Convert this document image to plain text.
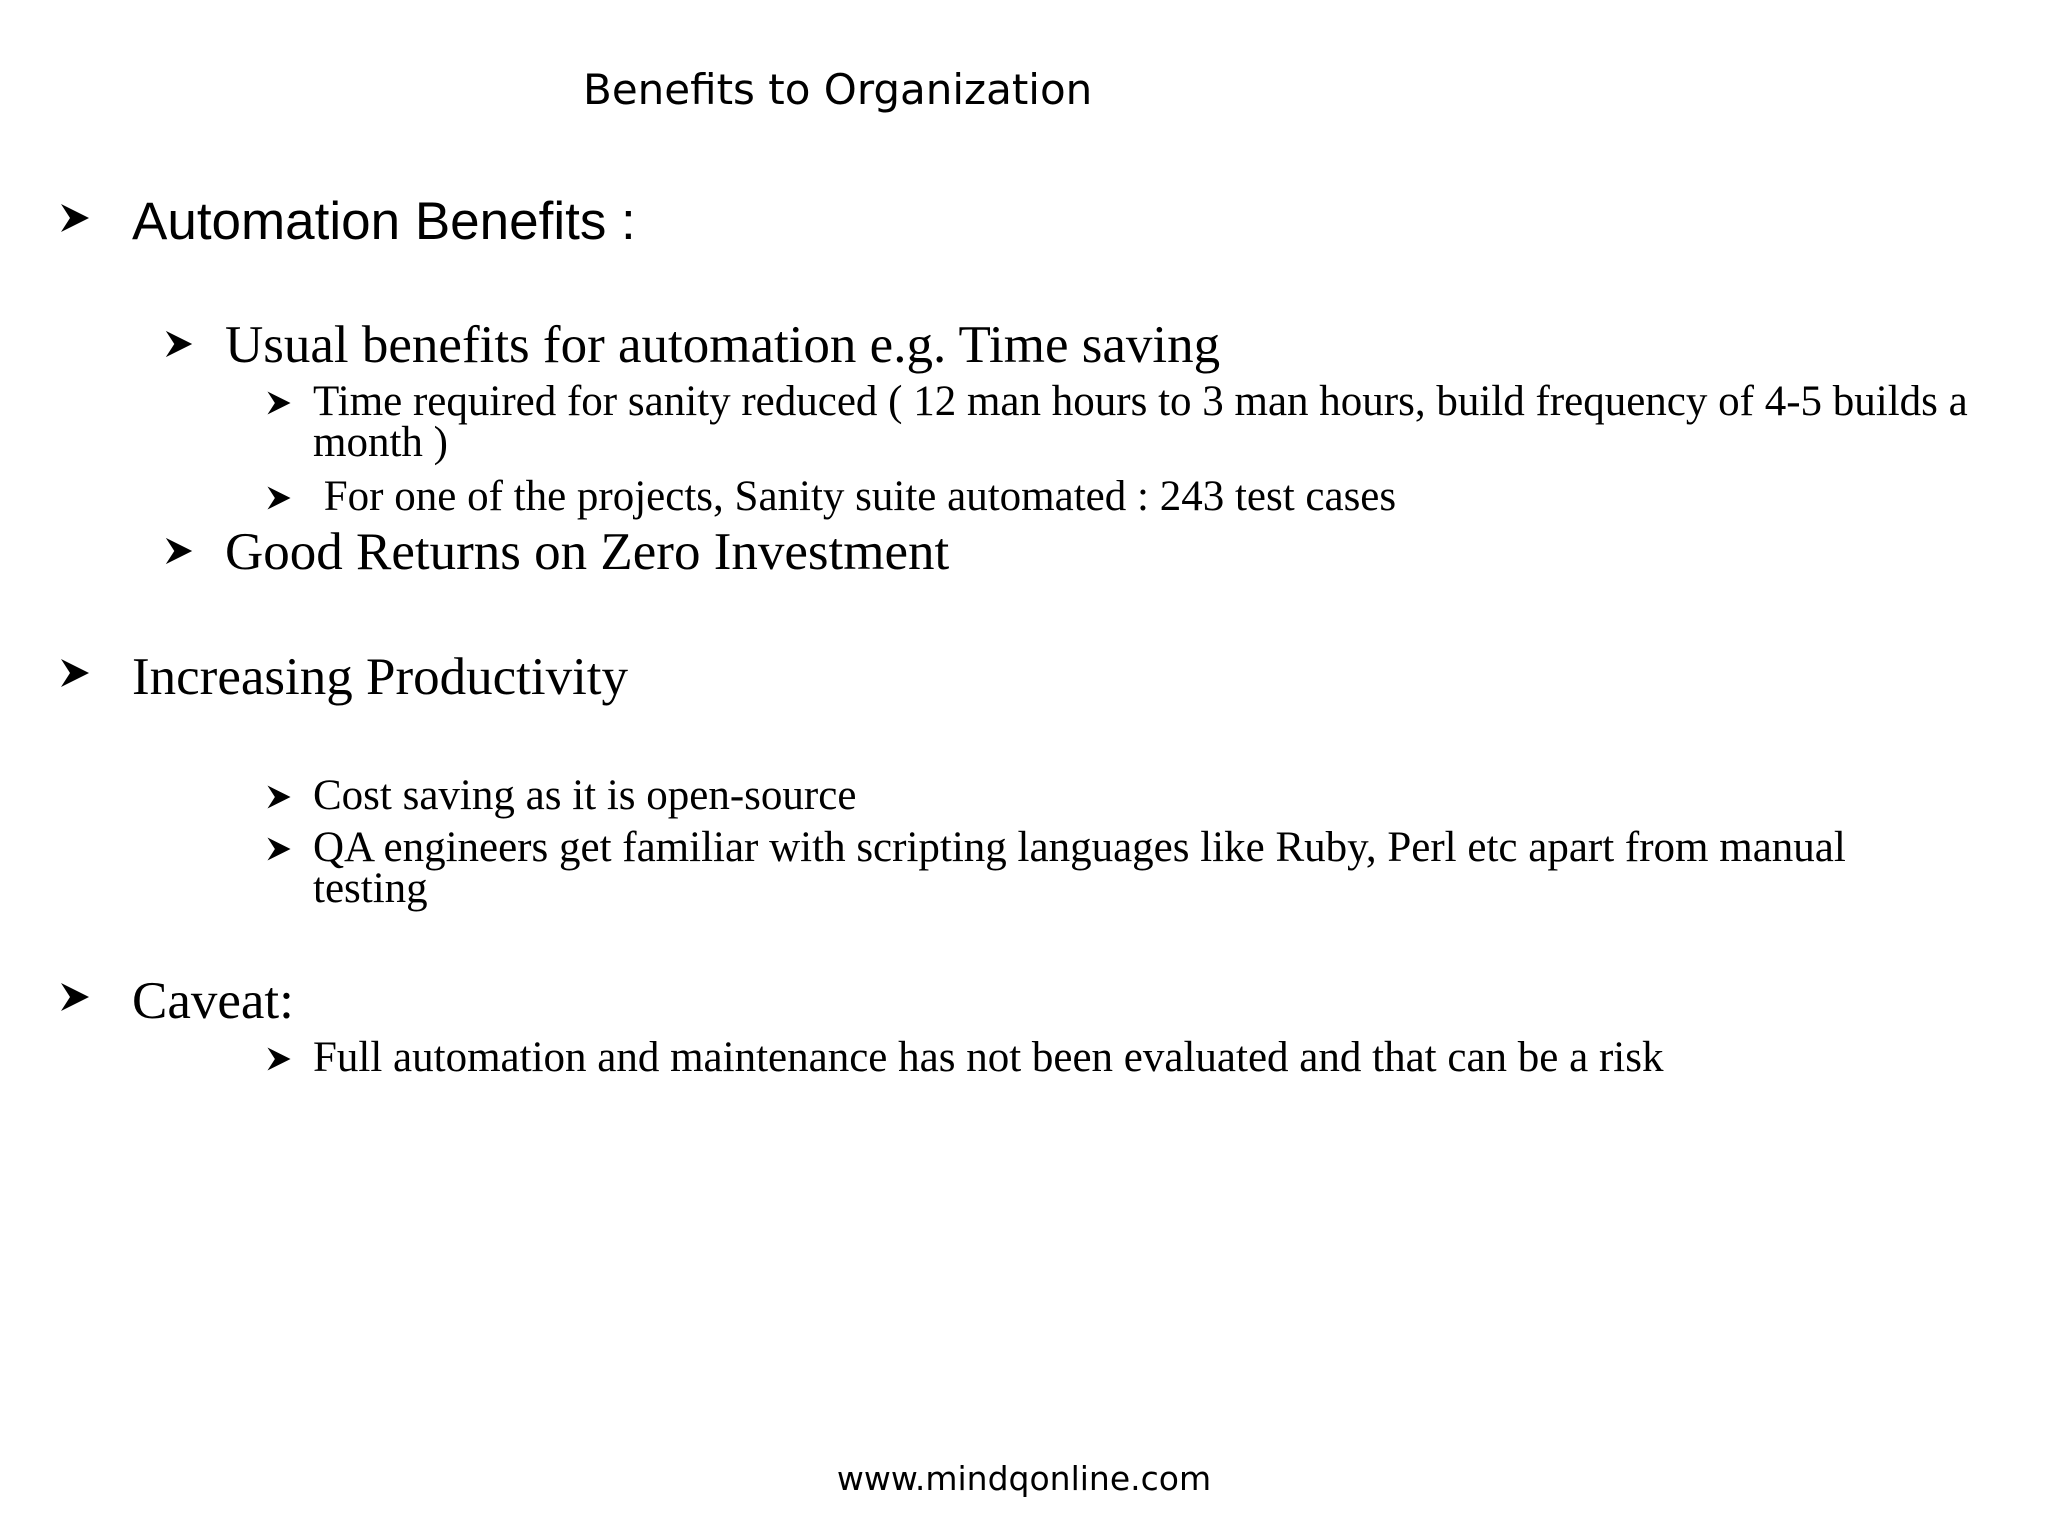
Benefits to Organization
Automation Benefits :
Usual benefits for automation e.g. Time saving
Time required for sanity reduced ( 12 man hours to 3 man hours, build frequency of 4-5 builds a month )
For one of the projects, Sanity suite automated : 243 test cases
Good Returns on Zero Investment
Increasing Productivity
Cost saving as it is open-source
QA engineers get familiar with scripting languages like Ruby, Perl etc apart from manual testing
Caveat:
Full automation and maintenance has not been evaluated and that can be a risk
www.mindqonline.com
